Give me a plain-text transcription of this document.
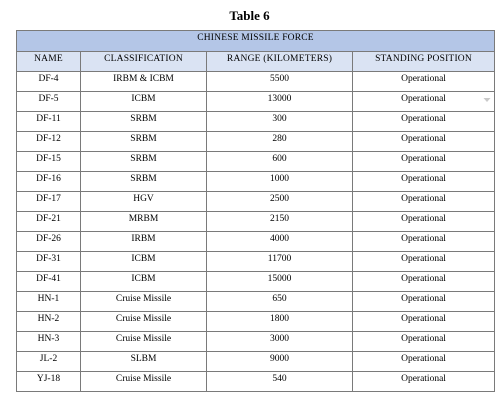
Table 6
CHINESE MISSILE FORCE			
NAME	CLASSIFICATION	RANGE (KILOMETERS)	STANDING POSITION
DF-4	IRBM & ICBM	5500	Operational
DF-5	ICBM	13000	Operational

DF-11	SRBM	300	Operational
DF-12	SRBM	280	Operational
DF-15	SRBM	600	Operational
DF-16	SRBM	1000	Operational
DF-17	HGV	2500	Operational
DF-21	MRBM	2150	Operational
DF-26	IRBM	4000	Operational
DF-31	ICBM	11700	Operational
DF-41	ICBM	15000	Operational
HN-1	Cruise Missile	650	Operational
HN-2	Cruise Missile	1800	Operational
HN-3	Cruise Missile	3000	Operational
JL-2	SLBM	9000	Operational
YJ-18	Cruise Missile	540	Operational
